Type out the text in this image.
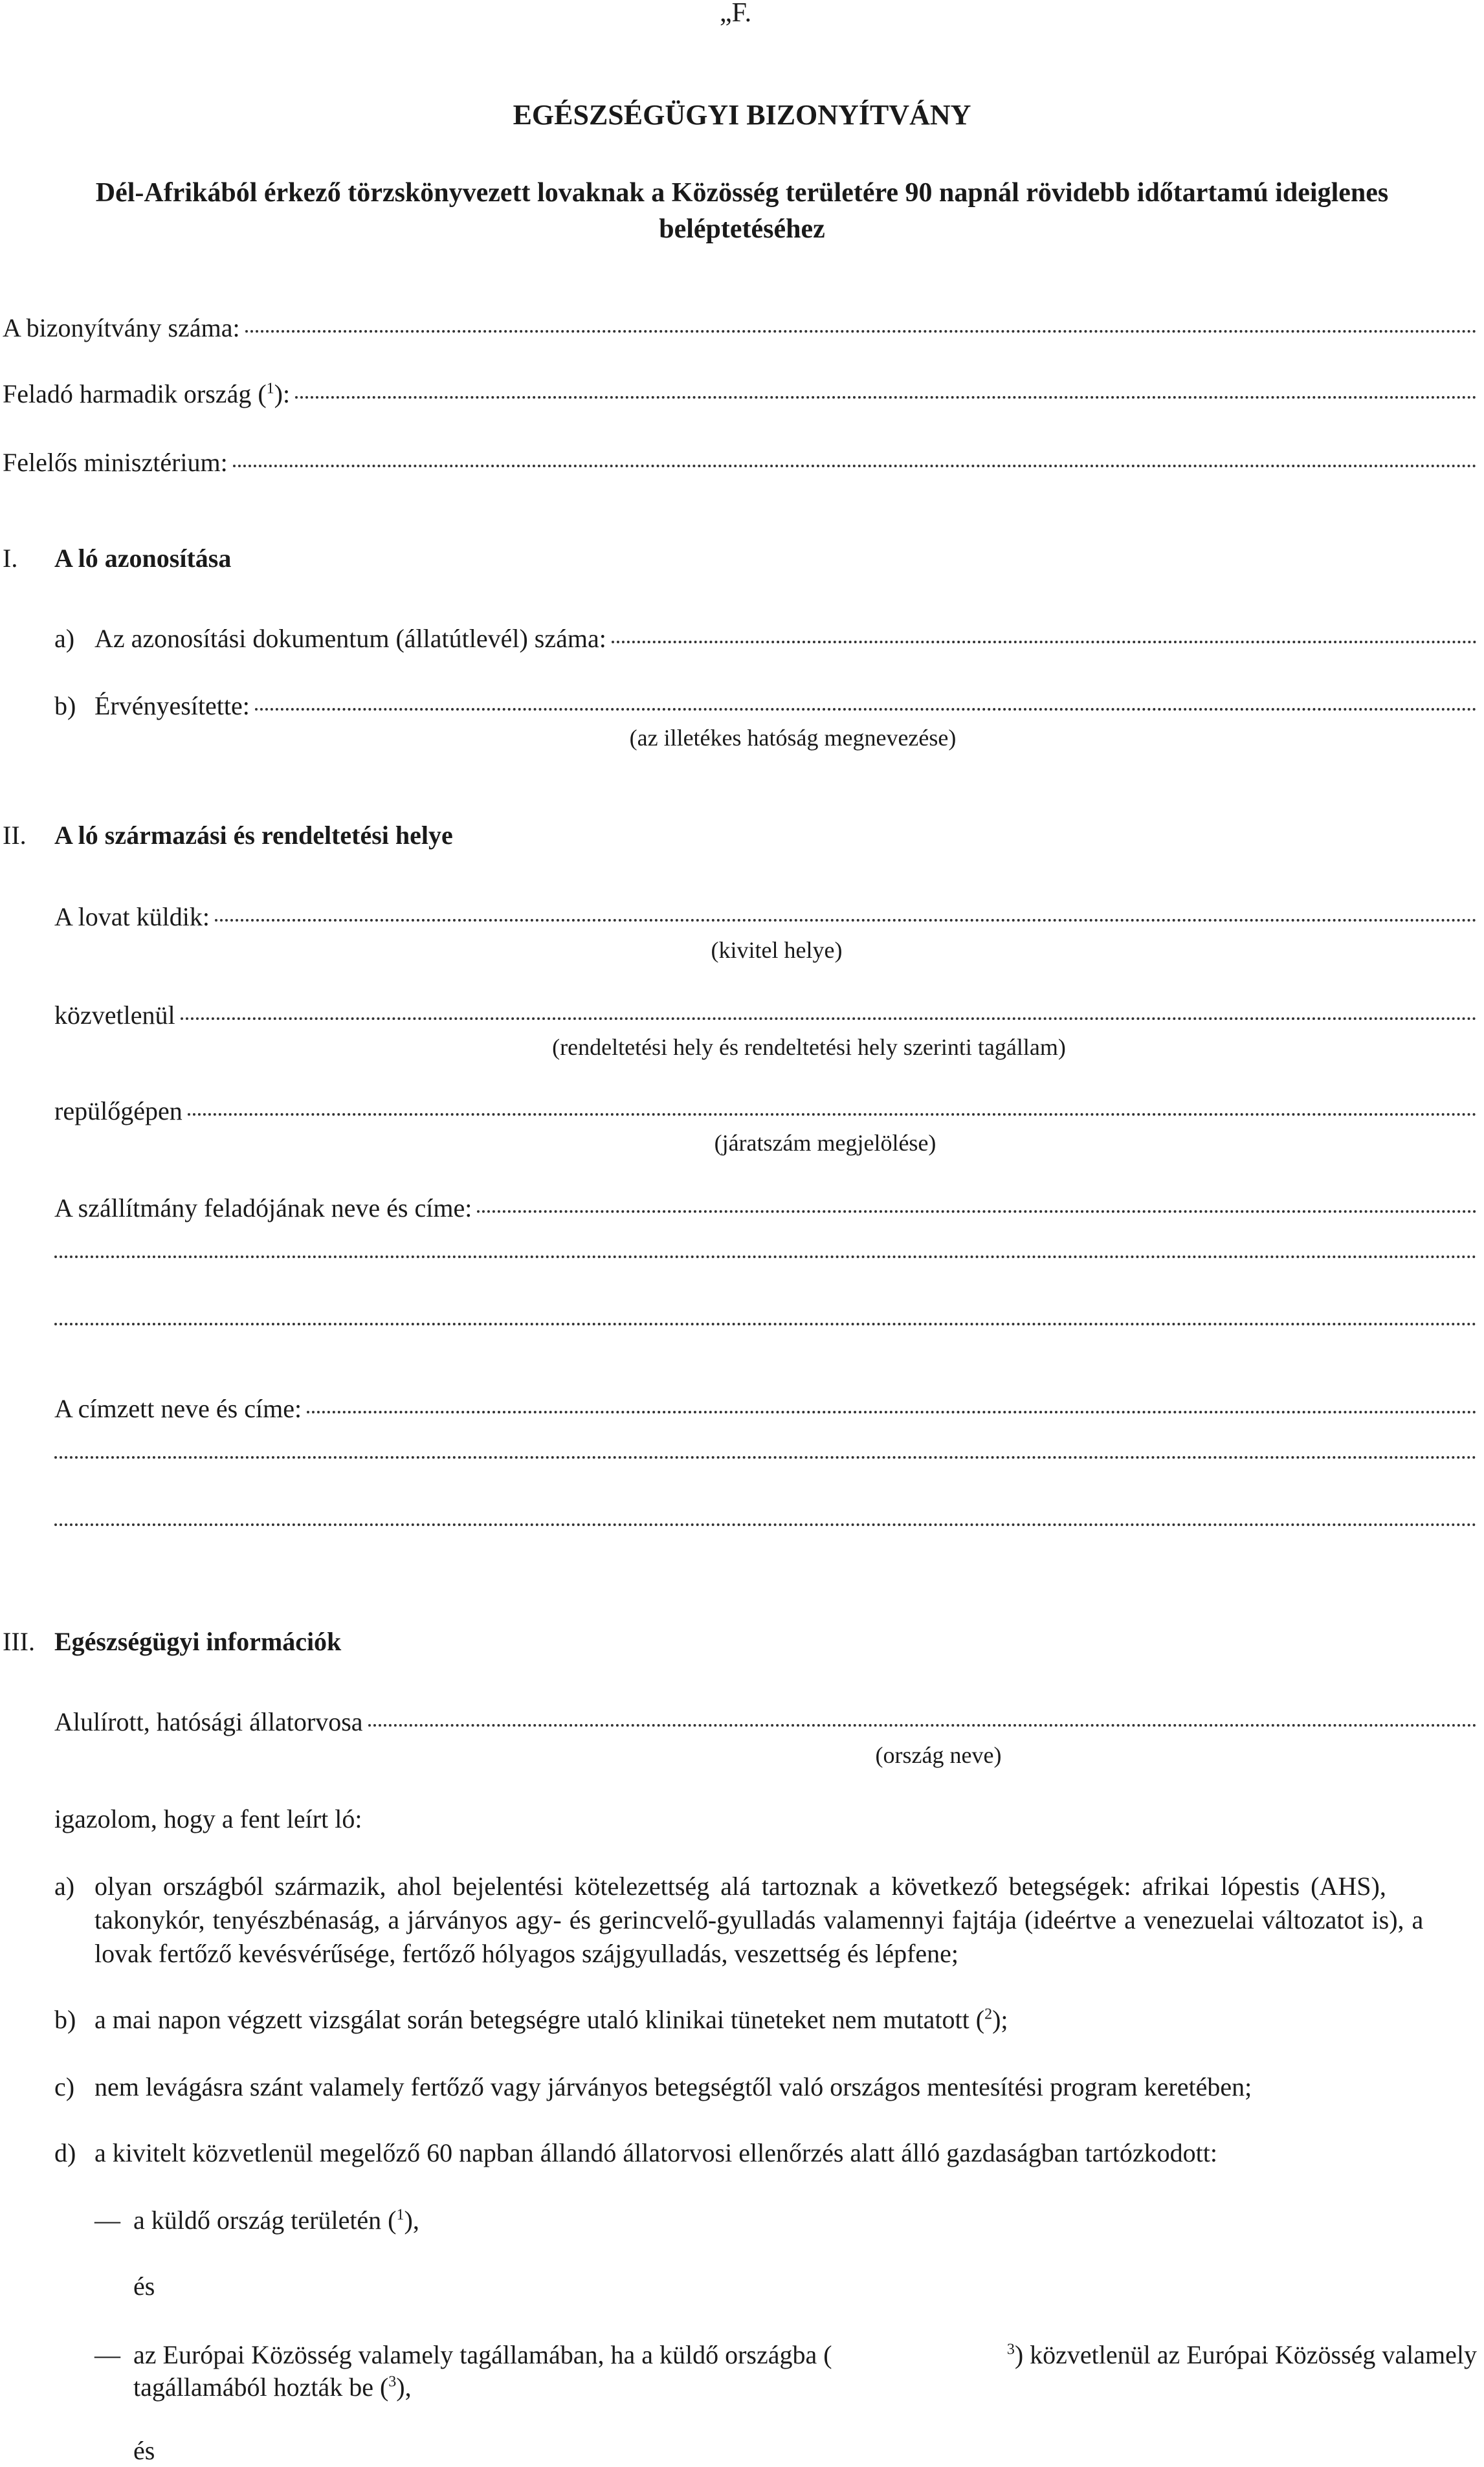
„F.
EGÉSZSÉGÜGYI BIZONYÍTVÁNY
Dél-Afrikából érkező törzskönyvezett lovaknak a Közösség területére 90 napnál rövidebb időtartamú ideiglenes
beléptetéséhez
A bizonyítvány száma:
Feladó harmadik ország ($^1$):
Felelős minisztérium:
I. A ló azonosítása
a) Az azonosítási dokumentum (állatútlevél) száma:
b) Érvényesítette:
(az illetékes hatóság megnevezése)
II. A ló származási és rendeltetési helye
A lovat küldik:
(kivitel helye)
közvetlenül
(rendeltetési hely és rendeltetési hely szerinti tagállam)
repülőgépen
(járatszám megjelölése)
A szállítmány feladójának neve és címe:
A címzett neve és címe:
III. Egészségügyi információk
Alulírott, hatósági állatorvosa
(ország neve)
igazolom, hogy a fent leírt ló:
a) olyan országból származik, ahol bejelentési kötelezettség alá tartoznak a következő betegségek: afrikai lópestis (AHS),
takonykór, tenyészbénaság, a járványos agy- és gerincvelő-gyulladás valamennyi fajtája (ideértve a venezuelai változatot is), a
lovak fertőző kevésvérűsége, fertőző hólyagos szájgyulladás, veszettség és lépfene;
b) a mai napon végzett vizsgálat során betegségre utaló klinikai tüneteket nem mutatott ($^2$);
c) nem levágásra szánt valamely fertőző vagy járványos betegségtől való országos mentesítési program keretében;
d) a kivitelt közvetlenül megelőző 60 napban állandó állatorvosi ellenőrzés alatt álló gazdaságban tartózkodott:
— a küldő ország területén ($^1$),
és
— az Európai Közösség valamely tagállamában, ha a küldő országba (	$^3$) közvetlenül az Európai Közösség valamely
tagállamából hozták be ($^3$),
és
